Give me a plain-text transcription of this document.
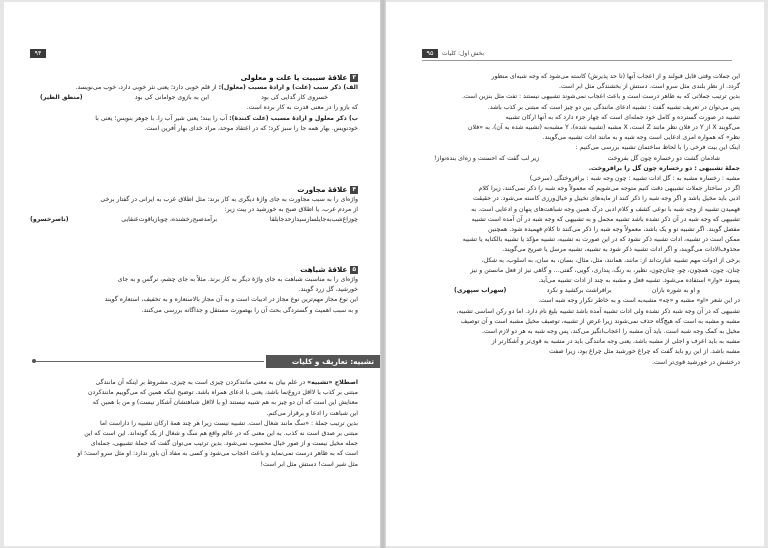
۹۴

۳علاقهٔ سببیت یا علت و معلولی

الف) ذکر سبب (علت) و ارادهٔ مسبب (معلول): از قلم خوبی دارد؛ یعنی نثر خوبی دارد، خوب می‌نویسد.

خسروی کار گدایی کی بود
این به بازوی جوامانی کی بود
(منطق الطیر)

که بازو را در معنی قدرت به کار برده است.

ب) ذکر معلول و ارادهٔ مسبب (علت کنندهٔ): آب را ببند؛ یعنی شیر آب را. با جوهر بنویس؛ یعنی با

خودنویس. بهار همه جا را سبز کرد؛ که در اعتقاد موحد، مراد خدای بهار آفرین است.

۴علاقهٔ مجاورت

واژه‌ای را به سبب مجاورت به جای واژهٔ دیگری به کار برند: مثل اطلاق عرب به ایرانی در گفتار برخی

از مردم عرب. یا اطلاق صبح به خورشید در بیت زیر:

چوزاغ‌شب‌به‌جایلسارسیدازحدجابلقا
برآمدصبح‌رخشنده، چوبازیاقوت‌عنقایی
(ناصرخسرو)

۵علاقهٔ شباهت

واژه‌ای را به مناسبت شباهت به جای واژهٔ دیگر به کار برند. مثلاً به جای چشم، نرگس و به جای

خورشید، گل زرد گویند.

این نوع مجاز مهم‌ترین نوع مجاز در ادبیات است و به آن مجاز بالاستعاره و به تخفیف، استعاره گویند

و به سبب اهمیت و گستردگی بحث آن را بهصورت مستقل و جداگانه بررسی می‌کنند.

تشبیه: تعاریف و کلیات

اصطلاح «تشبیه» در علم بیان به معنی مانندکردن چیزی است به چیزی، مشروط بر اینکه آن مانندگی

مبتنی بر کذب یا لااقل دروغ‌نما باشد، یعنی با ادعای همراه باشد. توضیح اینکه همین که می‌گوییم مانندکردن

معنایش این است که آن دو چیز به هم شبیه نیستند (و یا لااقل شباهتشان آشکار نیست) و من با همین که

این شباهت را ادعا و برقرار می‌کنم.

بدین ترتیب جملهٔ : «سگ مانند شغال است. تشبیه نیست زیرا هر چند همهٔ ارکان تشبیه را داراست اما

مبتنی بر صدق است نه کذب. به این معنی که در عالم واقع هم سگ و شغال از یک گونه‌اند. این است که این

جمله مخیل نیست و از صور خیال محسوب نمی‌شود. بدین ترتیب می‌توان گفت که جملهٔ تشبیهی، جمله‌ای

است که به ظاهر درست نمی‌نماید و باعث اعجاب می‌شود و کسی به مفاد آن باور ندارد: او مثل سرو است؛ او

مثل شیر است! دستش مثل ابر است!

۹۵	بخش اول: کلیات

این جملات وقتی قابل قبولند و از اعجاب آنها (تا حد پذیرش) کاسته می‌شود که وجه شبه‌ای منظور

گردد. از نظر بلندی مثل سرو است. دستش از بخشندگی مثل ابر است.

بدین ترتیب جملاتی که به ظاهر درست است و باعث اعجاب نمی‌شوند تشبیهی نیستند : تفت مثل بنزین است.

پس می‌توان در تعریف تشبیه گفت : تشبیه ادعای مانندگی بین دو چیز است که مبتنی بر کذب باشد.

تشبیه در صورت گسترده و کامل خود جمله‌ای است که چهار جزء دارد که به آنها ارکان تشبیه

می‌گویند X از Y در فلان نظر مانند Z است، X مشبه (تشبیه شده)، Y مشبه‌به (تشبیه شده به آن)، به «فلان

نظر» که همواره امری ادعایی است وجه شبه و به مانند ادات تشبیه می‌گویند.

اینک این بیت فرخی را با لحاظ ساختمان تشبیه بررسی می‌کنیم :

شادمان گشت دو رخساره چون گل بفروخت
زیر لب گفت که احسنت و زه‌ای بنده‌نواز!

جملهٔ تشبیهی : دو رخساره چون گل را برافروخت.

مشبه : رخساره مشبه به : گل ادات تشبیه : چون وجه شبه : برافروختگی (سرخی)

اگر در ساختار جملات تشبیهی دقت کنیم متوجه می‌شویم که معمولاً وجه شبه را ذکر نمی‌کنند، زیرا کلام

ادبی باید مخیل باشد و اگر وجه شبه را ذکر کنند از مایه‌های تخییل و خیال‌ورزی کاسته می‌شود. در حقیقت

فهمیدن تشبیه از وجه شبه با نوعی کشف و کلام ادبی درک همین وجه شباهت‌های پنهان و ادعایی است. به

تشبیهی که وجه شبه در آن ذکر نشده باشد تشبیه مجمل و به تشبیهی که وجه شبه در آن آمده است تشبیه

مفصل گویند. اگر تشبیه تو و یک باشد، معمولاً وجه شبه را ذکر می‌کنند تا کلام فهمیده شود. همچنین

ممکن است در تشبیه، ادات تشبیه ذکر نشود که در این صورت به تشبیه، تشبیه مؤکد یا تشبیه بالکنایه یا تشبیه

محذوف‌الادات می‌گویند، و اگر ادات تشبیه ذکر شود به تشبیه، تشبیه مرسل یا صریح می‌گویند.

برخی از ادوات مهم تشبیه عبارت‌اند از: مانند، همانند، مثل، مثال، بسان، به سان، به اسلوب، به شکل،

چنان، چون، همچون، چو، چنان‌چون، نظیر، به رنگ، پنداری، گویی، گفتی... و گاهی نیز از فعل مانستن و نیز

پسوند «وار» استفاده می‌شود. تشبیه فعل و مشبه به چند از ادات تشبیه می‌آید.

و او به شوره باران
برافراشت برکشید و نکرد
(سهراب سپهری)

در این شعر «او» مشبه و «چه» مشبه‌به است و به خاطر تکرار وجه شبه است.

تشبیهی که در آن وجه شبه ذکر نشده ولی ادات تشبیه آمده باشد تشبیه بلیغ نام دارد. اما دو رکن اساسی تشبیه،

مشبه و مشبه به است که هیچ‌گاه حذف نمی‌شوند زیرا غرض از تشبیه، توصیف مخیل مشبه است و آن توصیف

مخیل به کمک وجه شبه است. باید آن مشبه را اعجاب‌انگیز می‌کند، پس وجه شبه به هر دو لازم است.

مشبه به باید اعرف و اجلی از مشبه باشد، یعنی وجه مانندگی باید در مشبه به قوی‌تر و آشکارتر از

مشبه باشد. از این رو باید گفت که چراغ خورشید مثل چراغ بود، زیرا صفت

درخشش در خورشید قوی‌تر است.
